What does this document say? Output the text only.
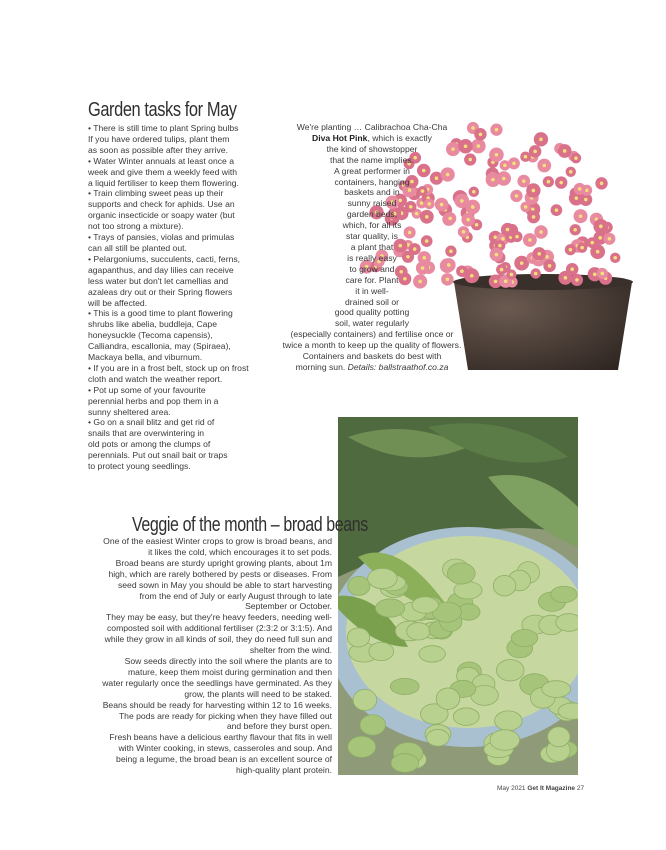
Garden tasks for May

• There is still time to plant Spring bulbs
If you have ordered tulips, plant them
as soon as possible after they arrive.

• Water Winter annuals at least once a
week and give them a weekly feed with
a liquid fertiliser to keep them flowering.

• Train climbing sweet peas up their
supports and check for aphids. Use an
organic insecticide or soapy water (but
not too strong a mixture).

• Trays of pansies, violas and primulas
can all still be planted out.

• Pelargoniums, succulents, cacti, ferns,
agapanthus, and day lilies can receive
less water but don't let camellias and
azaleas dry out or their Spring flowers
will be affected.

• This is a good time to plant flowering
shrubs like abelia, buddleja, Cape
honeysuckle (Tecoma capensis),
Calliandra, escallonia, may (Spiraea),
Mackaya bella, and viburnum.

• If you are in a frost belt, stock up on frost
cloth and watch the weather report.

• Pot up some of your favourite
perennial herbs and pop them in a
sunny sheltered area.

• Go on a snail blitz and get rid of
snails that are overwintering in
old pots or among the clumps of
perennials. Put out snail bait or traps
to protect young seedlings.

We're planting … Calibrachoa Cha-Cha
Diva Hot Pink, which is exactly
the kind of showstopper
that the name implies.
A great performer in
containers, hanging
baskets and in
sunny raised
garden beds,
which, for all its
star quality, is
a plant that
is really easy
to grow and
care for. Plant
it in well-
drained soil or
good quality potting
soil, water regularly
(especially containers) and fertilise once or
twice a month to keep up the quality of flowers.
Containers and baskets do best with
morning sun. Details: ballstraathof.co.za
Veggie of the month – broad beans
One of the easiest Winter crops to grow is broad beans, and
it likes the cold, which encourages it to set pods.
Broad beans are sturdy upright growing plants, about 1m
high, which are rarely bothered by pests or diseases. From
seed sown in May you should be able to start harvesting
from the end of July or early August through to late
September or October.
They may be easy, but they're heavy feeders, needing well-
composted soil with additional fertiliser (2:3:2 or 3:1:5). And
while they grow in all kinds of soil, they do need full sun and
shelter from the wind.
Sow seeds directly into the soil where the plants are to
mature, keep them moist during germination and then
water regularly once the seedlings have germinated. As they
grow, the plants will need to be staked.
Beans should be ready for harvesting within 12 to 16 weeks.
The pods are ready for picking when they have filled out
and before they burst open.
Fresh beans have a delicious earthy flavour that fits in well
with Winter cooking, in stews, casseroles and soup. And
being a legume, the broad bean is an excellent source of
high-quality plant protein.
May 2021 Get It Magazine 27
